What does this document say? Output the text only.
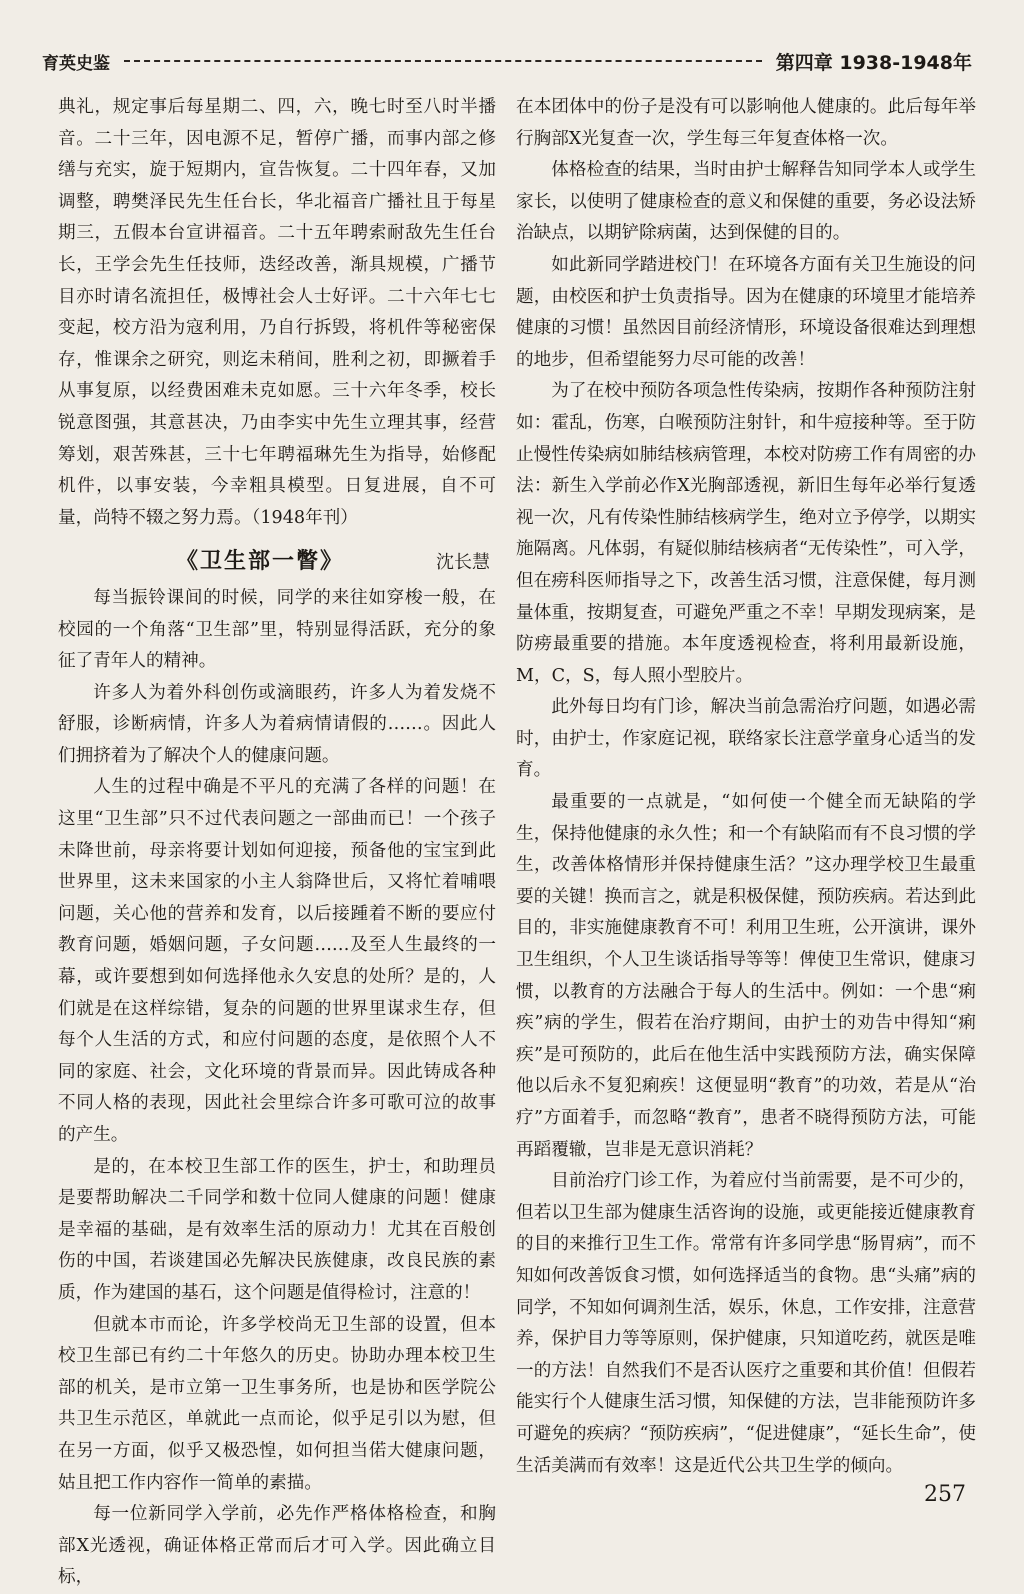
育英史鉴	第四章 1938-1948年

典礼，规定事后每星期二、四，六，晚七时至八时半播音。二十三年，因电源不足，暂停广播，而事内部之修缮与充实，旋于短期内，宣告恢复。二十四年春，又加调整，聘樊泽民先生任台长，华北福音广播社且于每星期三，五假本台宣讲福音。二十五年聘索耐敌先生任台长，王学会先生任技师，迭经改善，渐具规模，广播节目亦时请名流担任，极博社会人士好评。二十六年七七变起，校方沿为寇利用，乃自行拆毁，将机件等秘密保存，惟课余之研究，则迄未稍间，胜利之初，即撅着手从事复原，以经费困难未克如愿。三十六年冬季，校长锐意图强，其意甚决，乃由李实中先生立理其事，经营筹划，艰苦殊甚，三十七年聘福琳先生为指导，始修配机件，以事安装，今幸粗具模型。日复进展，自不可量，尚特不辍之努力焉。（1948年刊）

《卫生部一瞥》	沈长慧

每当振铃课间的时候，同学的来往如穿梭一般，在校园的一个角落“卫生部”里，特别显得活跃，充分的象征了青年人的精神。

许多人为着外科创伤或滴眼药，许多人为着发烧不舒服，诊断病情，许多人为着病情请假的……。因此人们拥挤着为了解决个人的健康问题。

人生的过程中确是不平凡的充满了各样的问题！在这里“卫生部”只不过代表问题之一部曲而已！一个孩子未降世前，母亲将要计划如何迎接，预备他的宝宝到此世界里，这未来国家的小主人翁降世后，又将忙着哺喂问题，关心他的营养和发育，以后接踵着不断的要应付教育问题，婚姻问题，子女问题……及至人生最终的一幕，或许要想到如何选择他永久安息的处所？是的，人们就是在这样综错，复杂的问题的世界里谋求生存，但每个人生活的方式，和应付问题的态度，是依照个人不同的家庭、社会，文化环境的背景而异。因此铸成各种不同人格的表现，因此社会里综合许多可歌可泣的故事的产生。

是的，在本校卫生部工作的医生，护士，和助理员是要帮助解决二千同学和数十位同人健康的问题！健康是幸福的基础，是有效率生活的原动力！尤其在百般创伤的中国，若谈建国必先解决民族健康，改良民族的素质，作为建国的基石，这个问题是值得检讨，注意的！

但就本市而论，许多学校尚无卫生部的设置，但本校卫生部已有约二十年悠久的历史。协助办理本校卫生部的机关，是市立第一卫生事务所，也是协和医学院公共卫生示范区，单就此一点而论，似乎足引以为慰，但在另一方面，似乎又极恐惶，如何担当偌大健康问题，姑且把工作内容作一简单的素描。

每一位新同学入学前，必先作严格体格检查，和胸部X光透视，确证体格正常而后才可入学。因此确立目标，

在本团体中的份子是没有可以影响他人健康的。此后每年举行胸部X光复查一次，学生每三年复查体格一次。

体格检查的结果，当时由护士解释告知同学本人或学生家长，以使明了健康检查的意义和保健的重要，务必设法矫治缺点，以期铲除病菌，达到保健的目的。

如此新同学踏进校门！在环境各方面有关卫生施设的问题，由校医和护士负责指导。因为在健康的环境里才能培养健康的习惯！虽然因目前经济情形，环境设备很难达到理想的地步，但希望能努力尽可能的改善！

为了在校中预防各项急性传染病，按期作各种预防注射如：霍乱，伤寒，白喉预防注射针，和牛痘接种等。至于防止慢性传染病如肺结核病管理，本校对防痨工作有周密的办法：新生入学前必作X光胸部透视，新旧生每年必举行复透视一次，凡有传染性肺结核病学生，绝对立予停学，以期实施隔离。凡体弱，有疑似肺结核病者“无传染性”，可入学，但在痨科医师指导之下，改善生活习惯，注意保健，每月测量体重，按期复查，可避免严重之不幸！早期发现病案，是防痨最重要的措施。本年度透视检查，将利用最新设施，M，C，S，每人照小型胶片。

此外每日均有门诊，解决当前急需治疗问题，如遇必需时，由护士，作家庭记视，联络家长注意学童身心适当的发育。

最重要的一点就是，“如何使一个健全而无缺陷的学生，保持他健康的永久性；和一个有缺陷而有不良习惯的学生，改善体格情形并保持健康生活？”这办理学校卫生最重要的关键！换而言之，就是积极保健，预防疾病。若达到此目的，非实施健康教育不可！利用卫生班，公开演讲，课外卫生组织，个人卫生谈话指导等等！俾使卫生常识，健康习惯，以教育的方法融合于每人的生活中。例如：一个患“痢疾”病的学生，假若在治疗期间，由护士的劝告中得知“痢疾”是可预防的，此后在他生活中实践预防方法，确实保障他以后永不复犯痢疾！这便显明“教育”的功效，若是从“治疗”方面着手，而忽略“教育”，患者不晓得预防方法，可能再蹈覆辙，岂非是无意识消耗？

目前治疗门诊工作，为着应付当前需要，是不可少的，但若以卫生部为健康生活咨询的设施，或更能接近健康教育的目的来推行卫生工作。常常有许多同学患“肠胃病”，而不知如何改善饭食习惯，如何选择适当的食物。患“头痛”病的同学，不知如何调剂生活，娱乐，休息，工作安排，注意营养，保护目力等等原则，保护健康，只知道吃药，就医是唯一的方法！自然我们不是否认医疗之重要和其价值！但假若能实行个人健康生活习惯，知保健的方法，岂非能预防许多可避免的疾病？“预防疾病”，“促进健康”，“延长生命”，使生活美满而有效率！这是近代公共卫生学的倾向。

257
